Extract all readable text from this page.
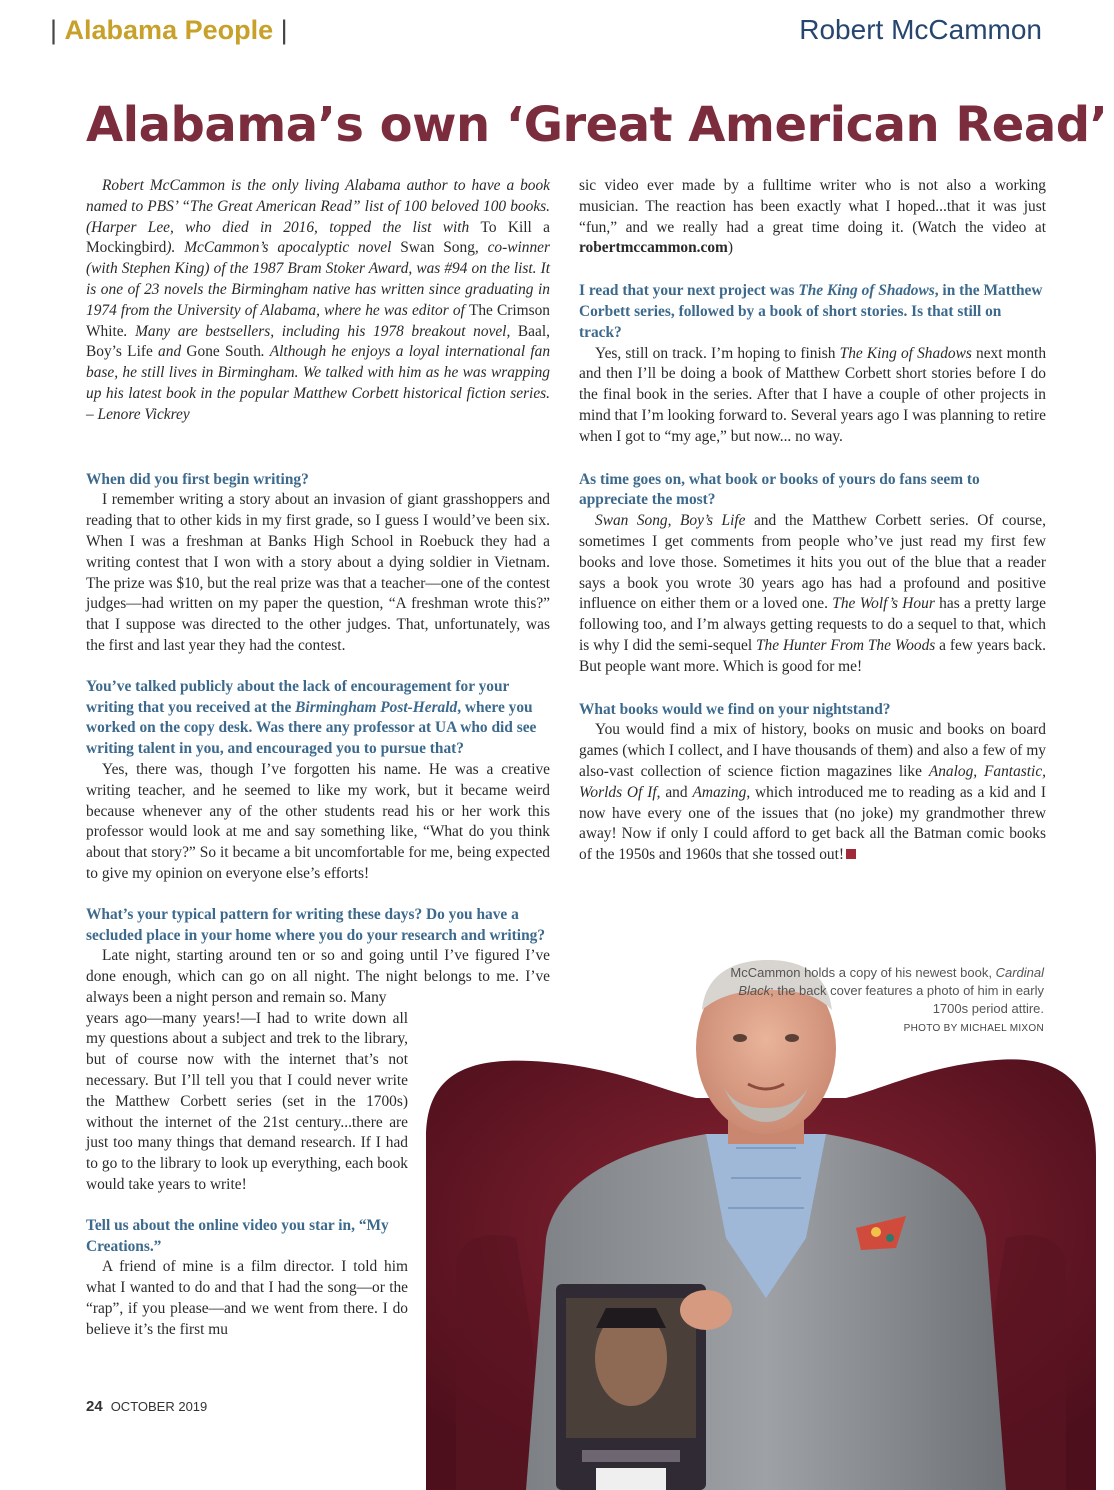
| Alabama People |	Robert McCammon
Alabama’s own ‘Great American Read’

Robert McCammon is the only living Alabama author to have a book named to PBS’ “The Great American Read” list of 100 beloved 100 books. (Harper Lee, who died in 2016, topped the list with To Kill a Mockingbird). McCammon’s apocalyptic novel Swan Song, co-winner (with Stephen King) of the 1987 Bram Stoker Award, was #94 on the list. It is one of 23 novels the Birmingham native has written since graduating in 1974 from the University of Alabama, where he was editor of The Crimson White. Many are bestsellers, including his 1978 breakout novel, Baal, Boy’s Life and Gone South. Although he enjoys a loyal international fan base, he still lives in Birmingham. We talked with him as he was wrapping up his latest book in the popular Matthew Corbett historical fiction series. – Lenore Vickrey

When did you first begin writing?

I remember writing a story about an invasion of giant grasshoppers and reading that to other kids in my first grade, so I guess I would’ve been six. When I was a freshman at Banks High School in Roebuck they had a writing contest that I won with a story about a dying soldier in Vietnam. The prize was $10, but the real prize was that a teacher—one of the contest judges—had written on my paper the question, “A freshman wrote this?” that I suppose was directed to the other judges. That, unfortunately, was the first and last year they had the contest.

You’ve talked publicly about the lack of encouragement for your writing that you received at the Birmingham Post-Herald, where you worked on the copy desk. Was there any professor at UA who did see writing talent in you, and encouraged you to pursue that?

Yes, there was, though I’ve forgotten his name. He was a creative writing teacher, and he seemed to like my work, but it became weird because whenever any of the other students read his or her work this professor would look at me and say something like, “What do you think about that story?” So it became a bit uncomfortable for me, being expected to give my opinion on everyone else’s efforts!

What’s your typical pattern for writing these days? Do you have a secluded place in your home where you do your research and writing?

Late night, starting around ten or so and going until I’ve figured I’ve done enough, which can go on all night. The night belongs to me. I’ve always been a night person and remain so. Many

years ago—many years!—I had to write down all my questions about a subject and trek to the library, but of course now with the internet that’s not necessary. But I’ll tell you that I could never write the Matthew Corbett series (set in the 1700s) without the internet of the 21st century...there are just too many things that demand research. If I had to go to the library to look up everything, each book would take years to write!

Tell us about the online video you star in, “My Creations.”

A friend of mine is a film director. I told him what I wanted to do and that I had the song—or the “rap”, if you please—and we went from there. I do believe it’s the first mu

sic video ever made by a fulltime writer who is not also a working musician. The reaction has been exactly what I hoped...that it was just “fun,” and we really had a great time doing it. (Watch the video at robertmccammon.com)

I read that your next project was The King of Shadows, in the Matthew Corbett series, followed by a book of short stories. Is that still on track?

Yes, still on track. I’m hoping to finish The King of Shadows next month and then I’ll be doing a book of Matthew Corbett short stories before I do the final book in the series. After that I have a couple of other projects in mind that I’m looking forward to. Several years ago I was planning to retire when I got to “my age,” but now... no way.

As time goes on, what book or books of yours do fans seem to appreciate the most?

Swan Song, Boy’s Life and the Matthew Corbett series. Of course, sometimes I get comments from people who’ve just read my first few books and love those. Sometimes it hits you out of the blue that a reader says a book you wrote 30 years ago has had a profound and positive influence on either them or a loved one. The Wolf’s Hour has a pretty large following too, and I’m always getting requests to do a sequel to that, which is why I did the semi-sequel The Hunter From The Woods a few years back. But people want more. Which is good for me!

What books would we find on your nightstand?

You would find a mix of history, books on music and books on board games (which I collect, and I have thousands of them) and also a few of my also-vast collection of science fiction magazines like Analog, Fantastic, Worlds Of If, and Amazing, which introduced me to reading as a kid and I now have every one of the issues that (no joke) my grandmother threw away! Now if only I could afford to get back all the Batman comic books of the 1950s and 1960s that she tossed out!

McCammon holds a copy of his newest book, Cardinal Black; the back cover features a photo of him in early 1700s period attire.
PHOTO BY MICHAEL MIXON
24 OCTOBER 2019
